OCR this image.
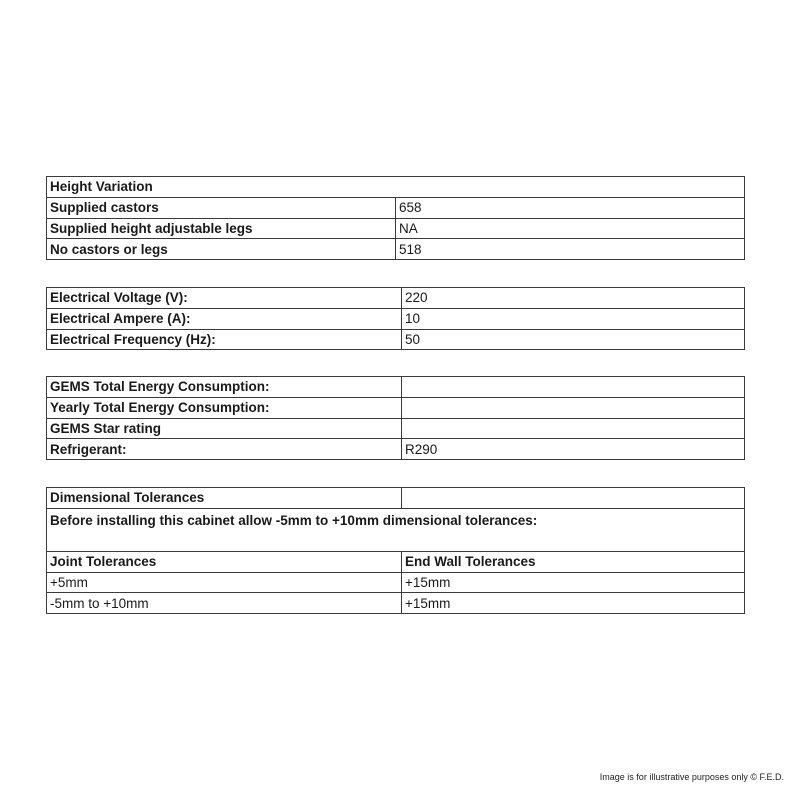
Height Variation	
Supplied castors	658
Supplied height adjustable legs	NA
No castors or legs	518
Electrical Voltage (V):	220
Electrical Ampere (A):	10
Electrical Frequency (Hz):	50
GEMS Total Energy Consumption:	
Yearly Total Energy Consumption:	
GEMS Star rating	
Refrigerant:	R290
Dimensional Tolerances	
Before installing this cabinet allow -5mm to +10mm dimensional tolerances:	
Joint Tolerances	End Wall Tolerances
+5mm	+15mm
-5mm to +10mm	+15mm
Image is for illustrative purposes only © F.E.D.
